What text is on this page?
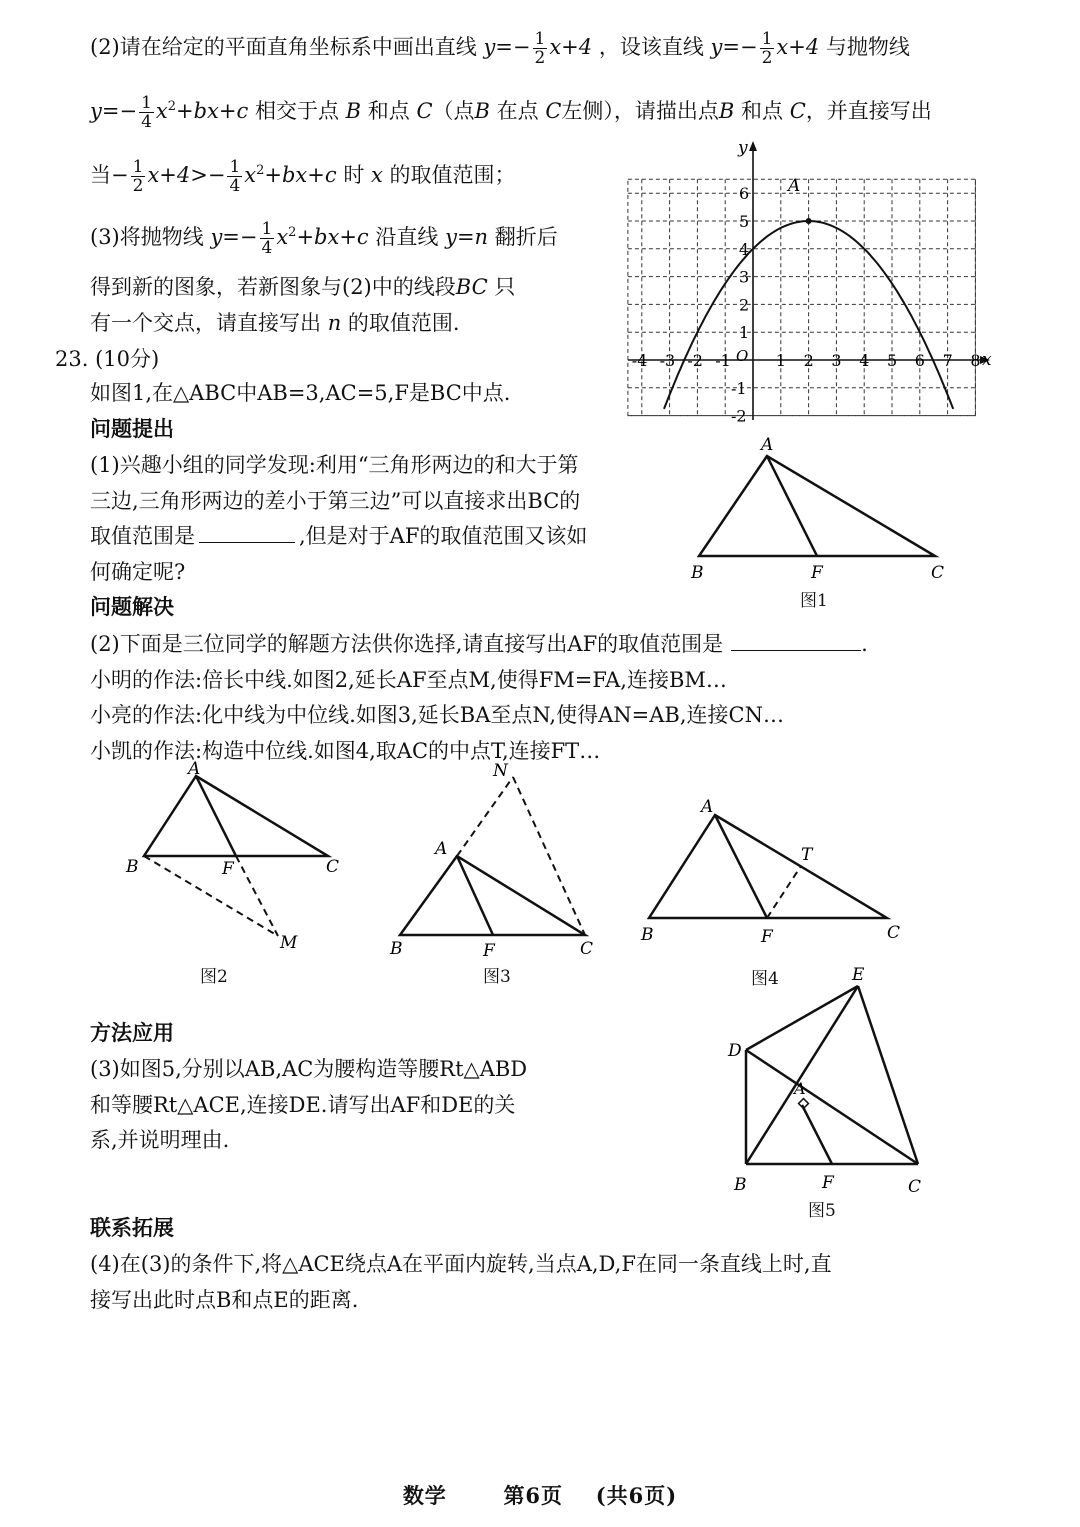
(2)请在给定的平面直角坐标系中画出直线 $y=- \frac{1}{2} x+4$ ，设该直线 $y=- \frac{1}{2} x+4$ 与抛物线
$y=- \frac{1}{4} x^2+bx+c$ 相交于点 B 和点 C（点B 在点 C左侧），请描出点B 和点 C，并直接写出
当− $\frac{1}{2} x+4>- \frac{1}{4} x^2+bx+c$ 时 x 的取值范围；
(3)将抛物线 $y=- \frac{1}{4} x^2+bx+c$ 沿直线 y=n 翻折后
得到新的图象，若新图象与(2)中的线段BC 只
有一个交点，请直接写出 n 的取值范围.
A
y
x
O
-4 -3 -2 -1	1 2 3 4 5 6 7 8
6
5
4
3
2
1
-1
-2
23. (10分)
如图1,在△ABC中AB=3,AC=5,F是BC中点.
问题提出
(1)兴趣小组的同学发现:利用“三角形两边的和大于第
三边,三角形两边的差小于第三边”可以直接求出BC的
取值范围是	,但是对于AF的取值范围又该如
何确定呢?
A
B	F	C
图1
问题解决
(2)下面是三位同学的解题方法供你选择,请直接写出AF的取值范围是	.
小明的作法:倍长中线.如图2,延长AF至点M,使得FM=FA,连接BM…
小亮的作法:化中线为中位线.如图3,延长BA至点N,使得AN=AB,连接CN…
小凯的作法:构造中位线.如图4,取AC的中点T,连接FT…
A
B	F	C
M
图2
N
A
B	F	C
图3
A
T
B	F	C
图4
方法应用
(3)如图5,分别以AB,AC为腰构造等腰Rt△ABD
和等腰Rt△ACE,连接DE.请写出AF和DE的关
系,并说明理由.
E
D
A
B	F	C
图5
联系拓展
(4)在(3)的条件下,将△ACE绕点A在平面内旋转,当点A,D,F在同一条直线上时,直
接写出此时点B和点E的距离.
数学	第6页 (共6页)
